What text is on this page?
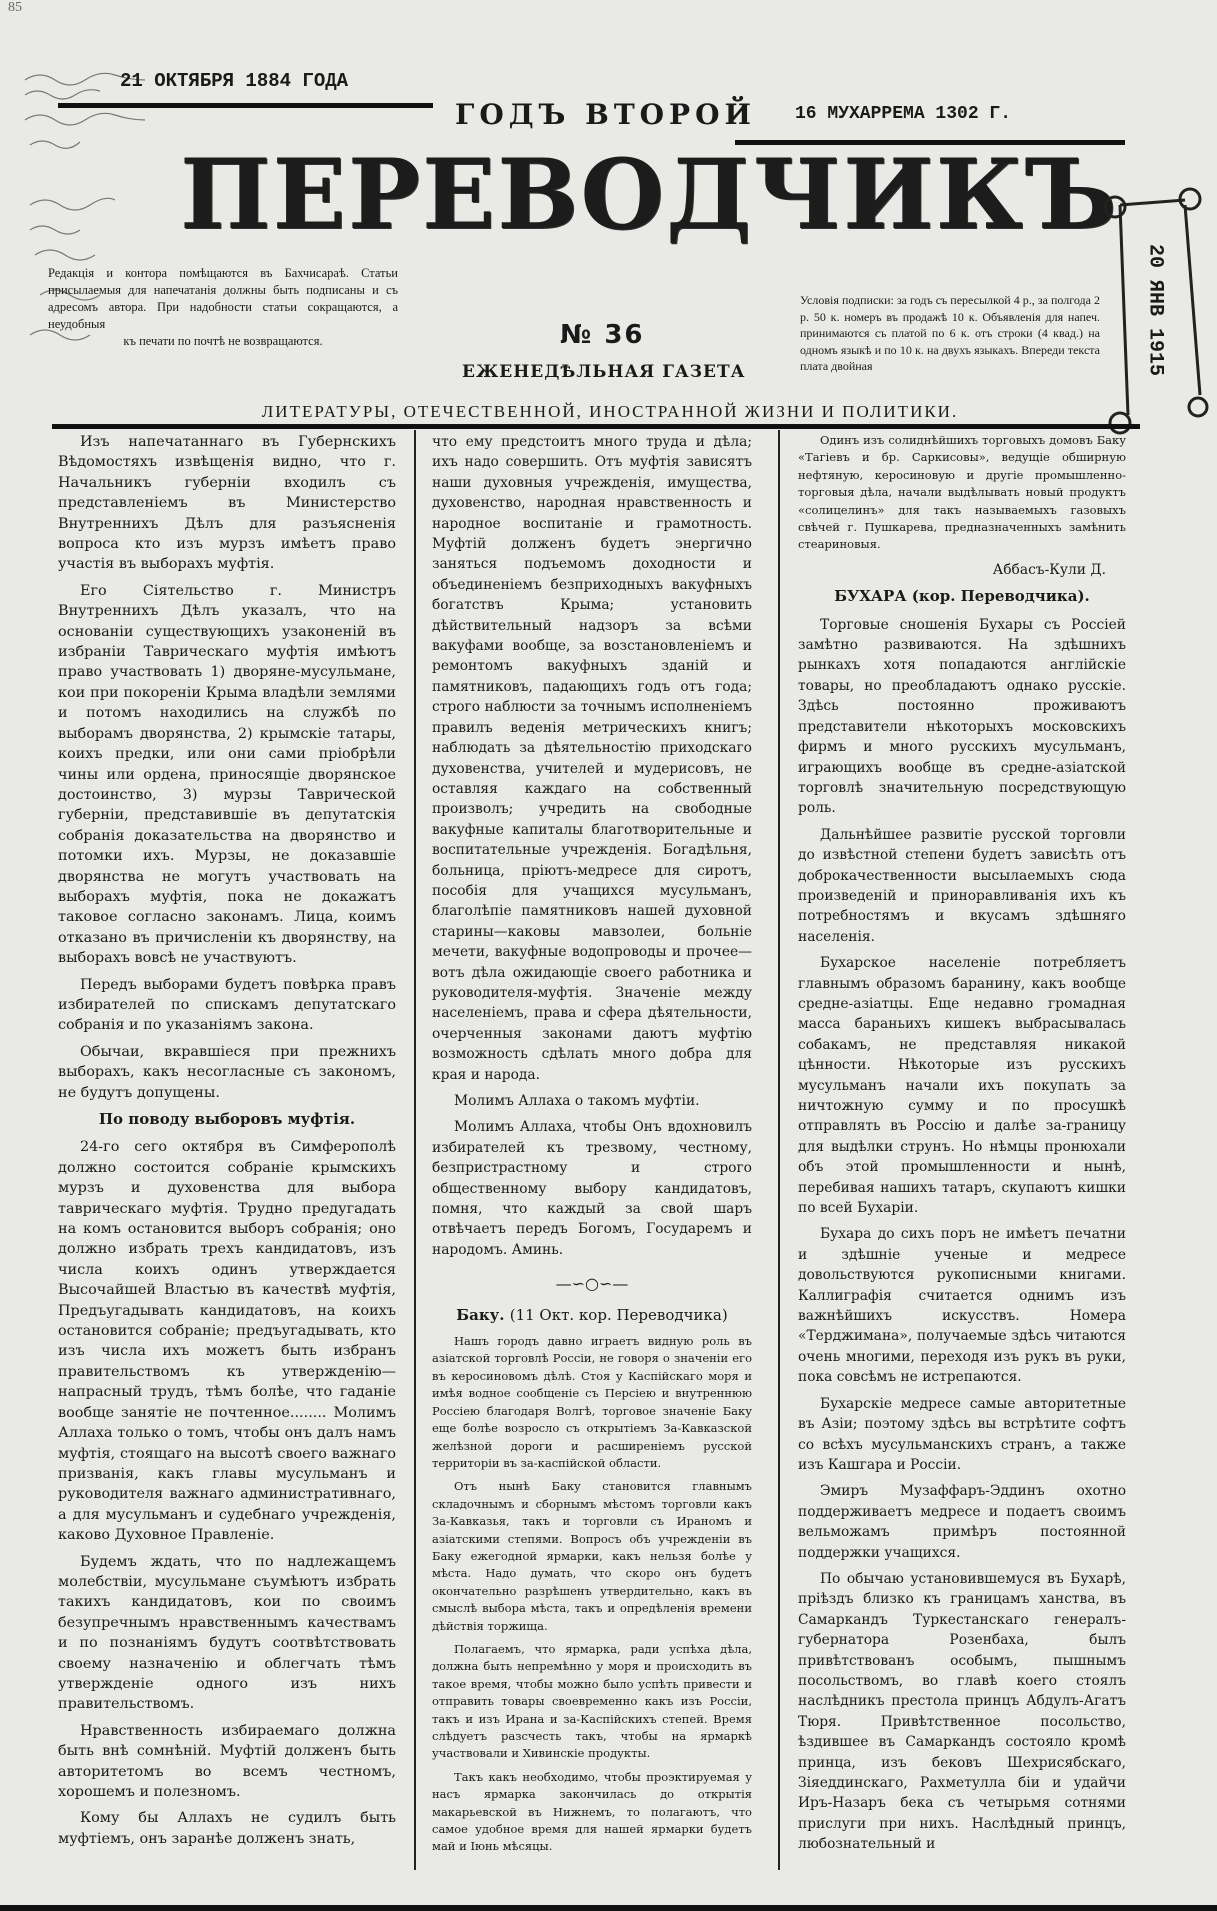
85
21 ОКТЯБРЯ 1884 ГОДА
ГОДЪ ВТОРОЙ 16 МУХАРРЕМА 1302 Г.
ПЕРЕВОДЧИКЪ
Редакція и контора помѣщаются въ Бахчисараѣ. Статьи присылаемыя для напечатанія должны быть подписаны и съ адресомъ автора. При надобности статьи сокращаются, а неудобныя
къ печати по почтѣ не возвращаются.	№ 36
ЕЖЕНЕДѢЛЬНАЯ ГАЗЕТА
Условія подписки: за годъ съ пересылкой 4 р., за полгода 2 р. 50 к. номеръ въ продажѣ 10 к. Объявленія для напеч. принимаются съ платой по 6 к. отъ строки (4 квад.) на одномъ языкѣ и по 10 к. на двухъ языкахъ. Впереди текста плата двойная	20 ЯНВ 1915
ЛИТЕРАТУРЫ, ОТЕЧЕСТВЕННОЙ, ИНОСТРАННОЙ ЖИЗНИ И ПОЛИТИКИ.

Изъ напечатаннаго въ Губернскихъ Вѣдомостяхъ извѣщенія видно, что г. Начальникъ губерніи входилъ съ представленіемъ въ Министерство Внутреннихъ Дѣлъ для разъясненія вопроса кто изъ мурзъ имѣетъ право участія въ выборахъ муфтія.

Его Сіятельство г. Министръ Внутреннихъ Дѣлъ указалъ, что на основаніи существующихъ узаконеній въ избраніи Таврическаго муфтія имѣютъ право участвовать 1) дворяне-мусульмане, кои при покореніи Крыма владѣли землями и потомъ находились на службѣ по выборамъ дворянства, 2) крымскіе татары, коихъ предки, или они сами пріобрѣли чины или ордена, приносящіе дворянское достоинство, 3) мурзы Таврической губерніи, представившіе въ депутатскія собранія доказательства на дворянство и потомки ихъ. Мурзы, не доказавшіе дворянства не могутъ участвовать на выборахъ муфтія, пока не докажатъ таковое согласно законамъ. Лица, коимъ отказано въ причисленіи къ дворянству, на выборахъ вовсѣ не участвуютъ.

Передъ выборами будетъ повѣрка правъ избирателей по спискамъ депутатскаго собранія и по указаніямъ закона.

Обычаи, вкравшіеся при прежнихъ выборахъ, какъ несогласные съ закономъ, не будутъ допущены.

По поводу выборовъ муфтія.

24-го сего октября въ Симферополѣ должно состоится собраніе крымскихъ мурзъ и духовенства для выбора таврическаго муфтія. Трудно предугадать на комъ остановится выборъ собранія; оно должно избрать трехъ кандидатовъ, изъ числа коихъ одинъ утверждается Высочайшей Властью въ качествѣ муфтія, Предъугадывать кандидатовъ, на коихъ остановится собраніе; предъугадывать, кто изъ числа ихъ можетъ быть избранъ правительствомъ къ утвержденію—напрасный трудъ, тѣмъ болѣе, что гаданіе вообще занятіе не почтенное........ Молимъ Аллаха только о томъ, чтобы онъ далъ намъ муфтія, стоящаго на высотѣ своего важнаго призванія, какъ главы мусульманъ и руководителя важнаго административнаго, а для мусульманъ и судебнаго учрежденія, каково Духовное Правленіе.

Будемъ ждать, что по надлежащемъ молебствіи, мусульмане съумѣютъ избрать такихъ кандидатовъ, кои по своимъ безупречнымъ нравственнымъ качествамъ и по познаніямъ будутъ соотвѣтствовать своему назначенію и облегчать тѣмъ утвержденіе одного изъ нихъ правительствомъ.

Нравственность избираемаго должна быть внѣ сомнѣній. Муфтій долженъ быть авторитетомъ во всемъ честномъ, хорошемъ и полезномъ.

Кому бы Аллахъ не судилъ быть муфтіемъ, онъ заранѣе долженъ знать,

что ему предстоитъ много труда и дѣла; ихъ надо совершить. Отъ муфтія зависятъ наши духовныя учрежденія, имущества, духовенство, народная нравственность и народное воспитаніе и грамотность. Муфтій долженъ будетъ энергично заняться подъемомъ доходности и объединеніемъ безприходныхъ вакуфныхъ богатствъ Крыма; установить дѣйствительный надзоръ за всѣми вакуфами вообще, за возстановленіемъ и ремонтомъ вакуфныхъ зданій и памятниковъ, падающихъ годъ отъ года; строго наблюсти за точнымъ исполненіемъ правилъ веденія метрическихъ книгъ; наблюдать за дѣятельностію приходскаго духовенства, учителей и мудерисовъ, не оставляя каждаго на собственный произволъ; учредить на свободные вакуфные капиталы благотворительные и воспитательные учрежденія. Богадѣльня, больница, пріютъ-медресе для сиротъ, пособія для учащихся мусульманъ, благолѣпіе памятниковъ нашей духовной старины—каковы мавзолеи, больніе мечети, вакуфные водопроводы и прочее—вотъ дѣла ожидающіе своего работника и руководителя-муфтія. Значеніе между населеніемъ, права и сфера дѣятельности, очерченныя законами даютъ муфтію возможность сдѣлать много добра для края и народа.

Молимъ Аллаха о такомъ муфтіи.

Молимъ Аллаха, чтобы Онъ вдохновилъ избирателей къ трезвому, честному, безпристрастному и строго общественному выбору кандидатовъ, помня, что каждый за свой шаръ отвѣчаетъ передъ Богомъ, Государемъ и народомъ. Аминь.

—∽○∽—
Баку. (11 Окт. кор. Переводчика)

Нашъ городъ давно играетъ видную роль въ азіатской торговлѣ Россіи, не говоря о значеніи его въ керосиновомъ дѣлѣ. Стоя у Каспійскаго моря и имѣя водное сообщеніе съ Персіею и внутреннюю Россіею благодаря Волгѣ, торговое значеніе Баку еще болѣе возросло съ открытіемъ За-Кавказской желѣзной дороги и расширеніемъ русской территоріи въ за-каспійской области.

Отъ нынѣ Баку становится главнымъ складочнымъ и сборнымъ мѣстомъ торговли какъ За-Кавказья, такъ и торговли съ Ираномъ и азіатскими степями. Вопросъ объ учрежденіи въ Баку ежегодной ярмарки, какъ нельзя болѣе у мѣста. Надо думать, что скоро онъ будетъ окончательно разрѣшенъ утвердительно, какъ въ смыслѣ выбора мѣста, такъ и опредѣленія времени дѣйствія торжища.

Полагаемъ, что ярмарка, ради успѣха дѣла, должна быть непремѣнно у моря и происходить въ такое время, чтобы можно было успѣть привести и отправить товары своевременно какъ изъ Россіи, такъ и изъ Ирана и за-Каспійскихъ степей. Время слѣдуетъ разсчесть такъ, чтобы на ярмаркѣ участвовали и Хивинскіе продукты.

Такъ какъ необходимо, чтобы проэктируемая у насъ ярмарка закончилась до открытія макарьевской въ Нижнемъ, то полагаютъ, что самое удобное время для нашей ярмарки будетъ май и Іюнь мѣсяцы.

Одинъ изъ солиднѣйшихъ торговыхъ домовъ Баку «Тагіевъ и бр. Саркисовы», ведущіе обширную нефтяную, керосиновую и другіе промышленно-торговыя дѣла, начали выдѣлывать новый продуктъ «солицелинъ» для такъ называемыхъ газовыхъ свѣчей г. Пушкарева, предназначенныхъ замѣнить стеариновыя.

Аббасъ-Кули Д.

БУХАРА (кор. Переводчика).

Торговые сношенія Бухары съ Россіей замѣтно развиваются. На здѣшнихъ рынкахъ хотя попадаются англійскіе товары, но преобладаютъ однако русскіе. Здѣсь постоянно проживаютъ представители нѣкоторыхъ московскихъ фирмъ и много русскихъ мусульманъ, играющихъ вообще въ средне-азіатской торговлѣ значительную посредствующую роль.

Дальнѣйшее развитіе русской торговли до извѣстной степени будетъ зависѣть отъ доброкачественности высылаемыхъ сюда произведеній и приноравливанія ихъ къ потребностямъ и вкусамъ здѣшняго населенія.

Бухарское населеніе потребляетъ главнымъ образомъ баранину, какъ вообще средне-азіатцы. Еще недавно громадная масса бараньихъ кишекъ выбрасывалась собакамъ, не представляя никакой цѣнности. Нѣкоторые изъ русскихъ мусульманъ начали ихъ покупать за ничтожную сумму и по просушкѣ отправлять въ Россію и далѣе за-границу для выдѣлки струнъ. Но нѣмцы пронюхали объ этой промышленности и нынѣ, перебивая нашихъ татаръ, скупаютъ кишки по всей Бухаріи.

Бухара до сихъ поръ не имѣетъ печатни и здѣшніе ученые и медресе довольствуются рукописными книгами. Каллиграфія считается однимъ изъ важнѣйшихъ искусствъ. Номера «Терджимана», получаемые здѣсь читаются очень многими, переходя изъ рукъ въ руки, пока совсѣмъ не истрепаются.

Бухарскіе медресе самые авторитетные въ Азіи; поэтому здѣсь вы встрѣтите софтъ со всѣхъ мусульманскихъ странъ, а также изъ Кашгара и Россіи.

Эмиръ Музаффаръ-Эддинъ охотно поддерживаетъ медресе и подаетъ своимъ вельможамъ примѣръ постоянной поддержки учащихся.

По обычаю установившемуся въ Бухарѣ, пріѣздъ близко къ границамъ ханства, въ Самаркандъ Туркестанскаго генералъ-губернатора Розенбаха, былъ привѣтствованъ особымъ, пышнымъ посольствомъ, во главѣ коего стоялъ наслѣдникъ престола принцъ Абдулъ-Агатъ Тюря. Привѣтственное посольство, ѣздившее въ Самаркандъ состояло кромѣ принца, изъ бековъ Шехрисябскаго, Зіяеддинскаго, Рахметулла біи и удайчи Иръ-Назаръ бека съ четырьмя сотнями прислуги при нихъ. Наслѣдный принцъ, любознательный и
